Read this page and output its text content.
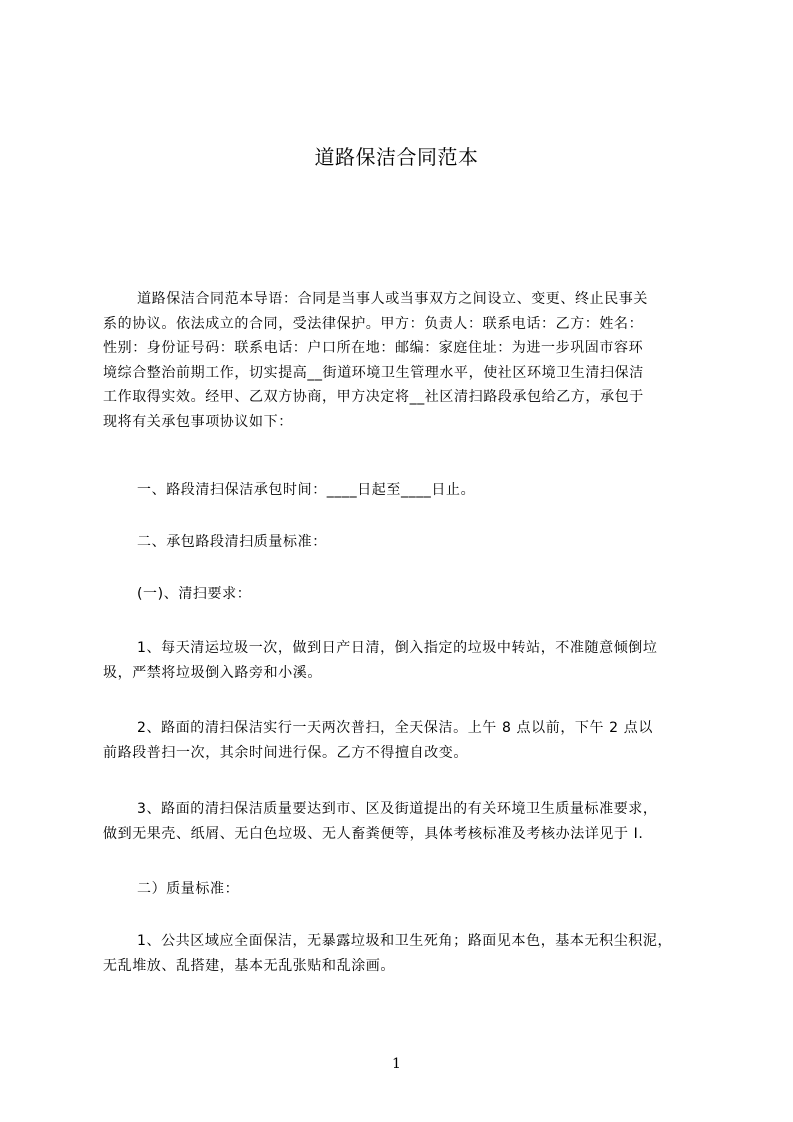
道路保洁合同范本

道路保洁合同范本导语：合同是当事人或当事双方之间设立、变更、终止民事关
系的协议。依法成立的合同，受法律保护。甲方：负责人：联系电话：乙方：姓名：
性别：身份证号码：联系电话：户口所在地：邮编：家庭住址：为进一步巩固市容环
境综合整治前期工作，切实提高__街道环境卫生管理水平，使社区环境卫生清扫保洁
工作取得实效。经甲、乙双方协商，甲方决定将__社区清扫路段承包给乙方，承包于
现将有关承包事项协议如下：

一、路段清扫保洁承包时间：____日起至____日止。

二、承包路段清扫质量标准：

(一)、清扫要求：

1、每天清运垃圾一次，做到日产日清，倒入指定的垃圾中转站，不准随意倾倒垃
圾，严禁将垃圾倒入路旁和小溪。

2、路面的清扫保洁实行一天两次普扫，全天保洁。上午 8 点以前，下午 2 点以
前路段普扫一次，其余时间进行保。乙方不得擅自改变。

3、路面的清扫保洁质量要达到市、区及街道提出的有关环境卫生质量标准要求，
做到无果壳、纸屑、无白色垃圾、无人畜粪便等，具体考核标准及考核办法详见于 I.

二）质量标准：

1、公共区域应全面保洁，无暴露垃圾和卫生死角；路面见本色，基本无积尘积泥，
无乱堆放、乱搭建，基本无乱张贴和乱涂画。

1
